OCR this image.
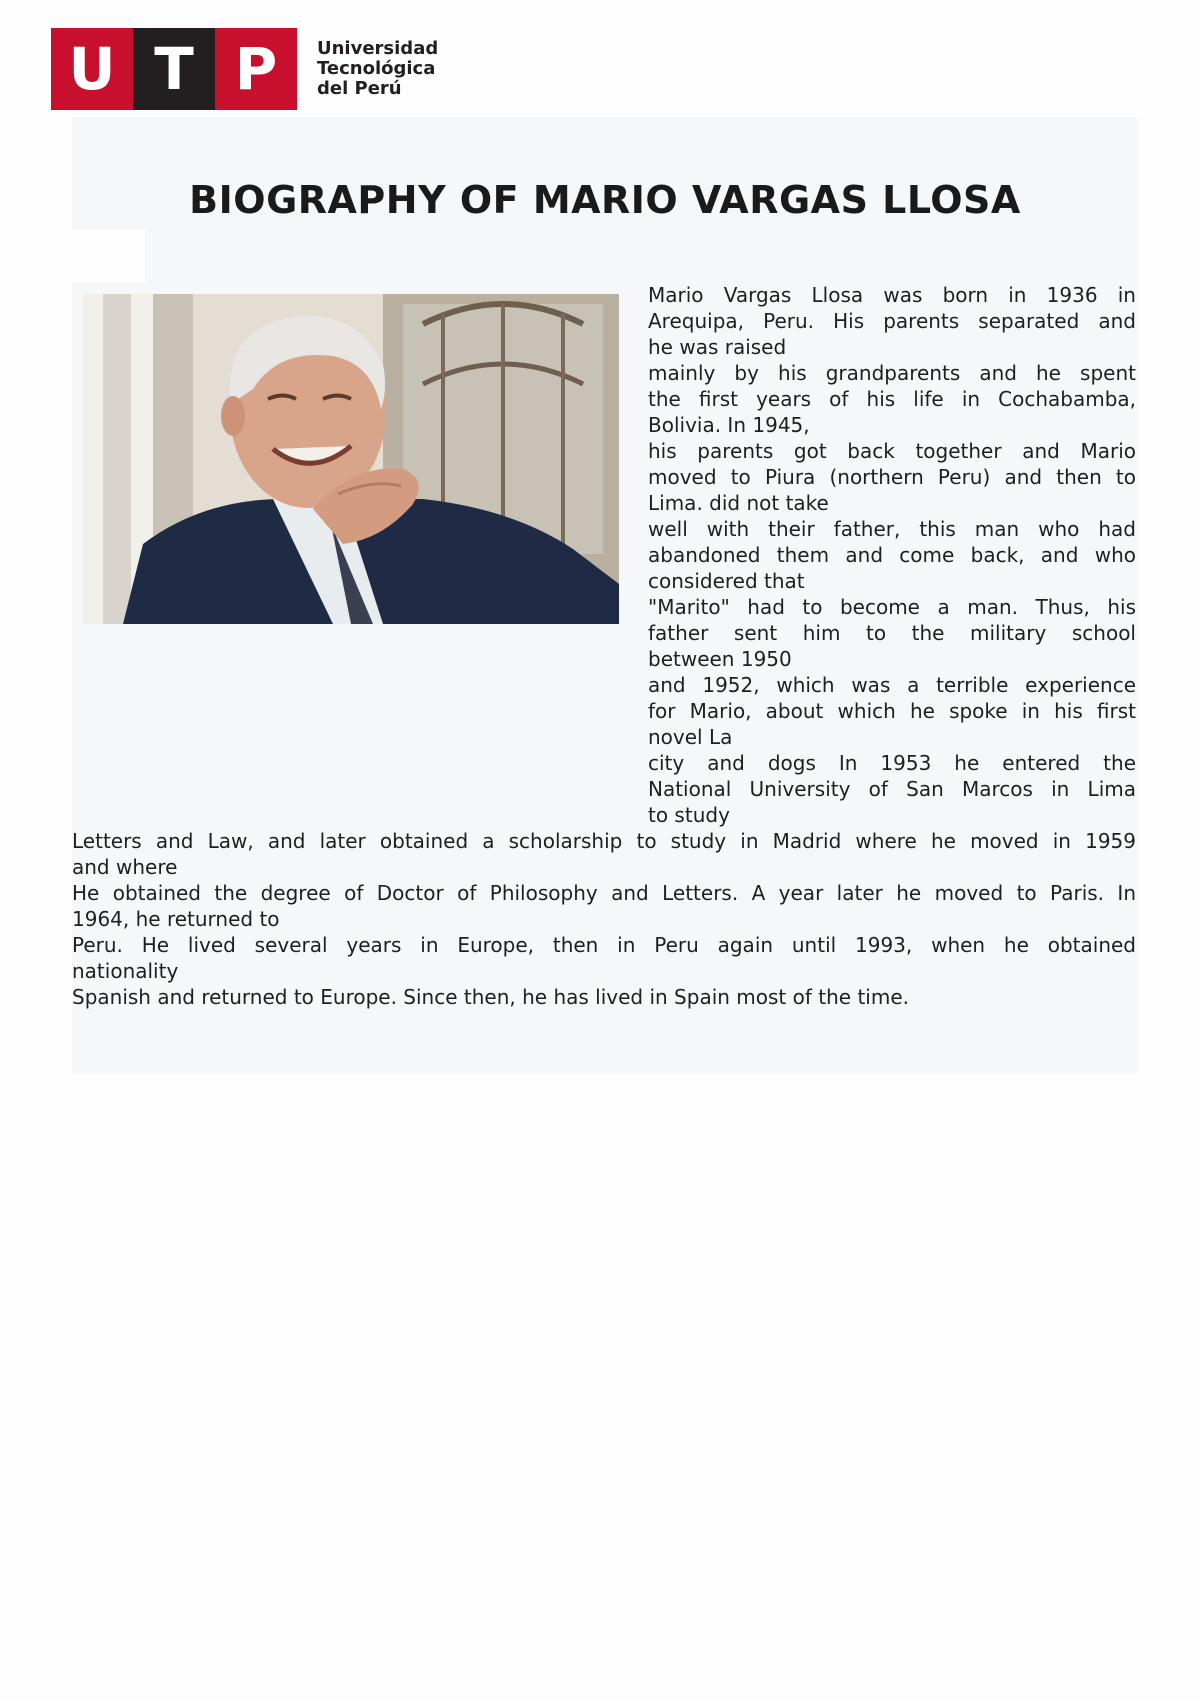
U T P	Universidad
Tecnológica
del Perú
BIOGRAPHY OF MARIO VARGAS LLOSA
Mario Vargas Llosa was born in 1936 in
Arequipa, Peru. His parents separated and
he was raised
mainly by his grandparents and he spent
the first years of his life in Cochabamba,
Bolivia. In 1945,
his parents got back together and Mario
moved to Piura (northern Peru) and then to
Lima. did not take
well with their father, this man who had
abandoned them and come back, and who
considered that
"Marito" had to become a man. Thus, his
father sent him to the military school
between 1950
and 1952, which was a terrible experience
for Mario, about which he spoke in his first
novel La
city and dogs In 1953 he entered the
National University of San Marcos in Lima
to study
Letters and Law, and later obtained a scholarship to study in Madrid where he moved in 1959
and where
He obtained the degree of Doctor of Philosophy and Letters. A year later he moved to Paris. In
1964, he returned to
Peru. He lived several years in Europe, then in Peru again until 1993, when he obtained
nationality
Spanish and returned to Europe. Since then, he has lived in Spain most of the time.
